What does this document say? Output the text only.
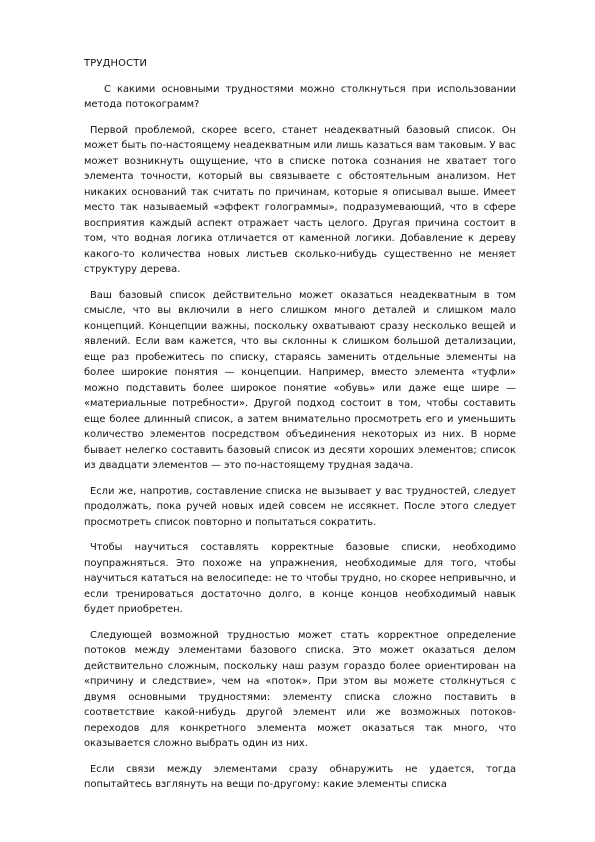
ТРУДНОСТИ

С какими основными трудностями можно столкнуться при использовании метода потокограмм?

Первой проблемой, скорее всего, станет неадекватный базовый список. Он может быть по-настоящему неадекватным или лишь казаться вам таковым. У вас может возникнуть ощущение, что в списке потока сознания не хватает того элемента точности, который вы связываете с обстоятельным анализом. Нет никаких оснований так считать по причинам, которые я описывал выше. Имеет место так называемый «эффект голограммы», подразумевающий, что в сфере восприятия каждый аспект отражает часть целого. Другая причина состоит в том, что водная логика отличается от каменной логики. Добавление к дереву какого-то количества новых листьев сколько-нибудь существенно не меняет структуру дерева.

Ваш базовый список действительно может оказаться неадекватным в том смысле, что вы включили в него слишком много деталей и слишком мало концепций. Концепции важны, поскольку охватывают сразу несколько вещей и явлений. Если вам кажется, что вы склонны к слишком большой детализации, еще раз пробежитесь по списку, стараясь заменить отдельные элементы на более широкие понятия — концепции. Например, вместо элемента «туфли» можно подставить более широкое понятие «обувь» или даже еще шире — «материальные потребности». Другой подход состоит в том, чтобы составить еще более длинный список, а затем внимательно просмотреть его и уменьшить количество элементов посредством объединения некоторых из них. В норме бывает нелегко составить базовый список из десяти хороших элементов; список из двадцати элементов — это по-настоящему трудная задача.

Если же, напротив, составление списка не вызывает у вас трудностей, следует продолжать, пока ручей новых идей совсем не иссякнет. После этого следует просмотреть список повторно и попытаться сократить.

Чтобы научиться составлять корректные базовые списки, необходимо поупражняться. Это похоже на упражнения, необходимые для того, чтобы научиться кататься на велосипеде: не то чтобы трудно, но скорее непривычно, и если тренироваться достаточно долго, в конце концов необходимый навык будет приобретен.

Следующей возможной трудностью может стать корректное определение потоков между элементами базового списка. Это может оказаться делом действительно сложным, поскольку наш разум гораздо более ориентирован на «причину и следствие», чем на «поток». При этом вы можете столкнуться с двумя основными трудностями: элементу списка сложно поставить в соответствие какой-нибудь другой элемент или же возможных потоков-переходов для конкретного элемента может оказаться так много, что оказывается сложно выбрать один из них.

Если связи между элементами сразу обнаружить не удается, тогда попытайтесь взглянуть на вещи по-другому: какие элементы списка
